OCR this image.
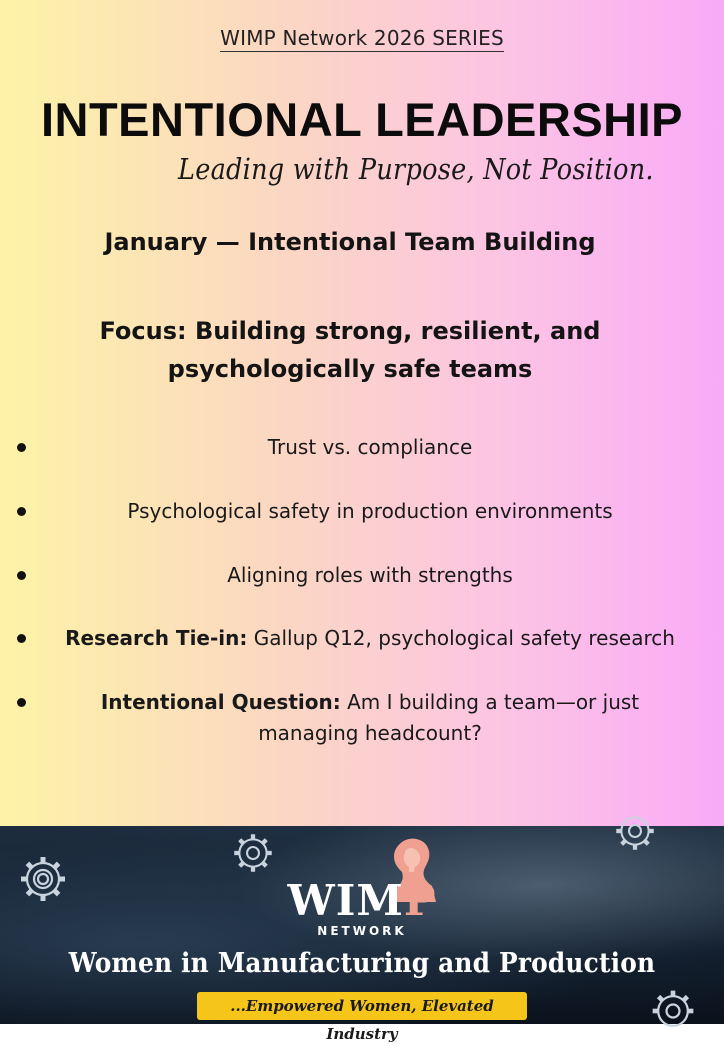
WIMP Network 2026 SERIES
INTENTIONAL LEADERSHIP
Leading with Purpose, Not Position.
January — Intentional Team Building
Focus: Building strong, resilient, and
psychologically safe teams
Trust vs. compliance
Psychological safety in production environments
Aligning roles with strengths
Research Tie-in: Gallup Q12, psychological safety research
Intentional Question: Am I building a team—or just managing headcount?
WIMP
NETWORK
Women in Manufacturing and Production
...Empowered Women, Elevated Industry
